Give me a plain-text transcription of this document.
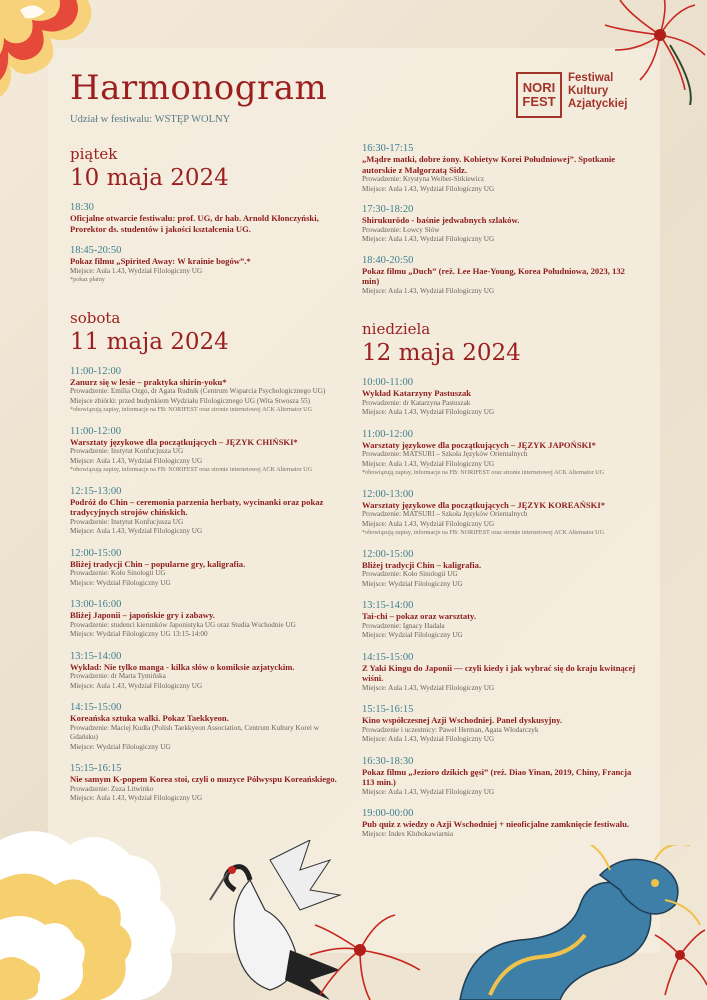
Harmonogram
Udział w festiwalu: WSTĘP WOLNY
NORI
FEST
Festiwal
Kultury
Azjatyckiej
piątek
10 maja 2024
18:30
Oficjalne otwarcie festiwalu: prof. UG, dr hab. Arnold Kłonczyński, Prorektor ds. studentów i jakości kształcenia UG.
18:45-20:50
Pokaz filmu „Spirited Away: W krainie bogów”.*
Miejsce: Aula 1.43, Wydział Filologiczny UG
*pokaz płatny
sobota
11 maja 2024
11:00-12:00
Zanurz się w lesie – praktyka shirin-yoku*
Prowadzenie: Emilia Ozgo, dr Agata Rudnik (Centrum Wsparcia Psychologicznego UG)
Miejsce zbiórki: przed budynkiem Wydziału Filologicznego UG (Wita Stwosza 55)
*obowiązują zapisy, informacje na FB: NORIFEST oraz stronie internetowej ACK Alternator UG
11:00-12:00
Warsztaty językowe dla początkujących – JĘZYK CHIŃSKI*
Prowadzenie: Instytut Konfucjusza UG
Miejsce: Aula 1.43, Wydział Filologiczny UG
*obowiązują zapisy, informacje na FB: NORIFEST oraz stronie internetowej ACK Alternator UG
12:15-13:00
Podróż do Chin – ceremonia parzenia herbaty, wycinanki oraz pokaz tradycyjnych strojów chińskich.
Prowadzenie: Instytut Konfucjusza UG
Miejsce: Aula 1.43, Wydział Filologiczny UG
12:00-15:00
Bliżej tradycji Chin – popularne gry, kaligrafia.
Prowadzenie: Koło Sinologii UG
Miejsce: Wydział Filologiczny UG
13:00-16:00
Bliżej Japonii – japońskie gry i zabawy.
Prowadzenie: studenci kierunków Japonistyka UG oraz Studia Wschodnie UG
Miejsce: Wydział Filologiczny UG 13:15-14:00
13:15-14:00
Wykład: Nie tylko manga - kilka słów o komiksie azjatyckim.
Prowadzenie: dr Marta Tymińska
Miejsce: Aula 1.43, Wydział Filologiczny UG
14:15-15:00
Koreańska sztuka walki. Pokaz Taekkyeon.
Prowadzenie: Maciej Kudła (Polish Taekkyeon Association, Centrum Kultury Korei w Gdańsku)
Miejsce: Wydział Filologiczny UG
15:15-16:15
Nie samym K-popem Korea stoi, czyli o muzyce Półwyspu Koreańskiego.
Prowadzenie: Zuza Litwinko
Miejsce: Aula 1.43, Wydział Filologiczny UG
16:30-17:15
„Mądre matki, dobre żony. Kobietyw Korei Południowej”. Spotkanie autorskie z Małgorzatą Sidz.
Prowadzenie: Krystyna Weiber-Sitkiewicz
Miejsce: Aula 1.43, Wydział Filologiczny UG
17:30-18:20
Shirukurōdo - baśnie jedwabnych szlaków.
Prowadzenie: Łowcy Słów
Miejsce: Aula 1.43, Wydział Filologiczny UG
18:40-20:50
Pokaz filmu „Duch” (reż. Lee Hae-Young, Korea Południowa, 2023, 132 min)
Miejsce: Aula 1.43, Wydział Filologiczny UG
niedziela
12 maja 2024
10:00-11:00
Wykład Katarzyny Pastuszak
Prowadzenie: dr Katarzyna Pastuszak
Miejsce: Aula 1.43, Wydział Filologiczny UG
11:00-12:00
Warsztaty językowe dla początkujących – JĘZYK JAPOŃSKI*
Prowadzenie: MATSURI – Szkoła Języków Orientalnych
Miejsce: Aula 1.43, Wydział Filologiczny UG
*obowiązują zapisy, informacje na FB: NORIFEST oraz stronie internetowej ACK Alternator UG
12:00-13:00
Warsztaty językowe dla początkujących – JĘZYK KOREAŃSKI*
Prowadzenie: MATSURI – Szkoła Języków Orientalnych
Miejsce: Aula 1.43, Wydział Filologiczny UG
*obowiązują zapisy, informacje na FB: NORIFEST oraz stronie internetowej ACK Alternator UG
12:00-15:00
Bliżej tradycji Chin – kaligrafia.
Prowadzenie: Koło Sinologii UG
Miejsce: Wydział Filologiczny UG
13:15-14:00
Tai-chi – pokaz oraz warsztaty.
Prowadzenie: Ignacy Hadała
Miejsce: Wydział Filologiczny UG
14:15-15:00
Z Yaki Kingu do Japonii — czyli kiedy i jak wybrać się do kraju kwitnącej wiśni.
Miejsce: Aula 1.43, Wydział Filologiczny UG
15:15-16:15
Kino współczesnej Azji Wschodniej. Panel dyskusyjny.
Prowadzenie i uczestnicy: Paweł Herman, Agata Włodarczyk
Miejsce: Aula 1.43, Wydział Filologiczny UG
16:30-18:30
Pokaz filmu „Jezioro dzikich gęsi” (reż. Diao Yinan, 2019, Chiny, Francja 113 min.)
Miejsce: Aula 1.43, Wydział Filologiczny UG
19:00-00:00
Pub quiz z wiedzy o Azji Wschodniej + nieoficjalne zamknięcie festiwalu.
Miejsce: Index Klubokawiarnia
